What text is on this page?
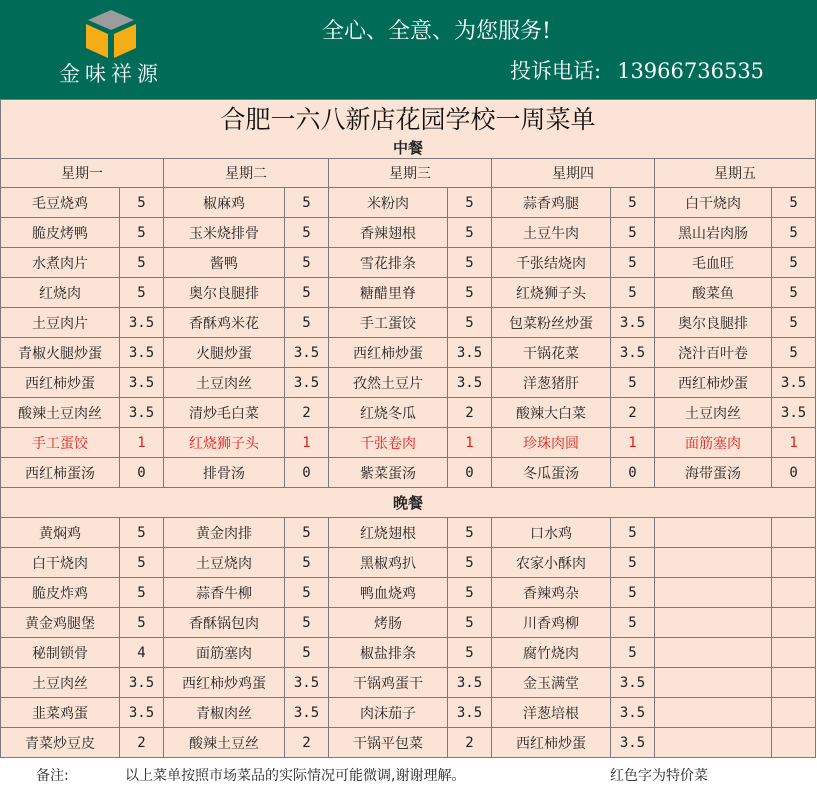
金味祥源
全心、全意、为您服务!
投诉电话: 13966736535
合肥一六八新店花园学校一周菜单									
中餐									
星期一		星期二		星期三		星期四		星期五	
毛豆烧鸡	5	椒麻鸡	5	米粉肉	5	蒜香鸡腿	5	白干烧肉	5
脆皮烤鸭	5	玉米烧排骨	5	香辣翅根	5	土豆牛肉	5	黑山岩肉肠	5
水煮肉片	5	酱鸭	5	雪花排条	5	千张结烧肉	5	毛血旺	5
红烧肉	5	奥尔良腿排	5	糖醋里脊	5	红烧狮子头	5	酸菜鱼	5
土豆肉片	3.5	香酥鸡米花	5	手工蛋饺	5	包菜粉丝炒蛋	3.5	奥尔良腿排	5
青椒火腿炒蛋	3.5	火腿炒蛋	3.5	西红柿炒蛋	3.5	干锅花菜	3.5	浇汁百叶卷	5
西红柿炒蛋	3.5	土豆肉丝	3.5	孜然土豆片	3.5	洋葱猪肝	5	西红柿炒蛋	3.5
酸辣土豆肉丝	3.5	清炒毛白菜	2	红烧冬瓜	2	酸辣大白菜	2	土豆肉丝	3.5
手工蛋饺	1	红烧狮子头	1	千张卷肉	1	珍珠肉圆	1	面筋塞肉	1
西红柿蛋汤	0	排骨汤	0	紫菜蛋汤	0	冬瓜蛋汤	0	海带蛋汤	0
晚餐									
黄焖鸡	5	黄金肉排	5	红烧翅根	5	口水鸡	5		
白干烧肉	5	土豆烧肉	5	黑椒鸡扒	5	农家小酥肉	5		
脆皮炸鸡	5	蒜香牛柳	5	鸭血烧鸡	5	香辣鸡杂	5		
黄金鸡腿堡	5	香酥锅包肉	5	烤肠	5	川香鸡柳	5		
秘制锁骨	4	面筋塞肉	5	椒盐排条	5	腐竹烧肉	5		
土豆肉丝	3.5	西红柿炒鸡蛋	3.5	干锅鸡蛋干	3.5	金玉满堂	3.5		
韭菜鸡蛋	3.5	青椒肉丝	3.5	肉沫茄子	3.5	洋葱培根	3.5		
青菜炒豆皮	2	酸辣土豆丝	2	干锅平包菜	2	西红柿炒蛋	3.5		
备注:	以上菜单按照市场菜品的实际情况可能微调,谢谢理解。	红色字为特价菜
